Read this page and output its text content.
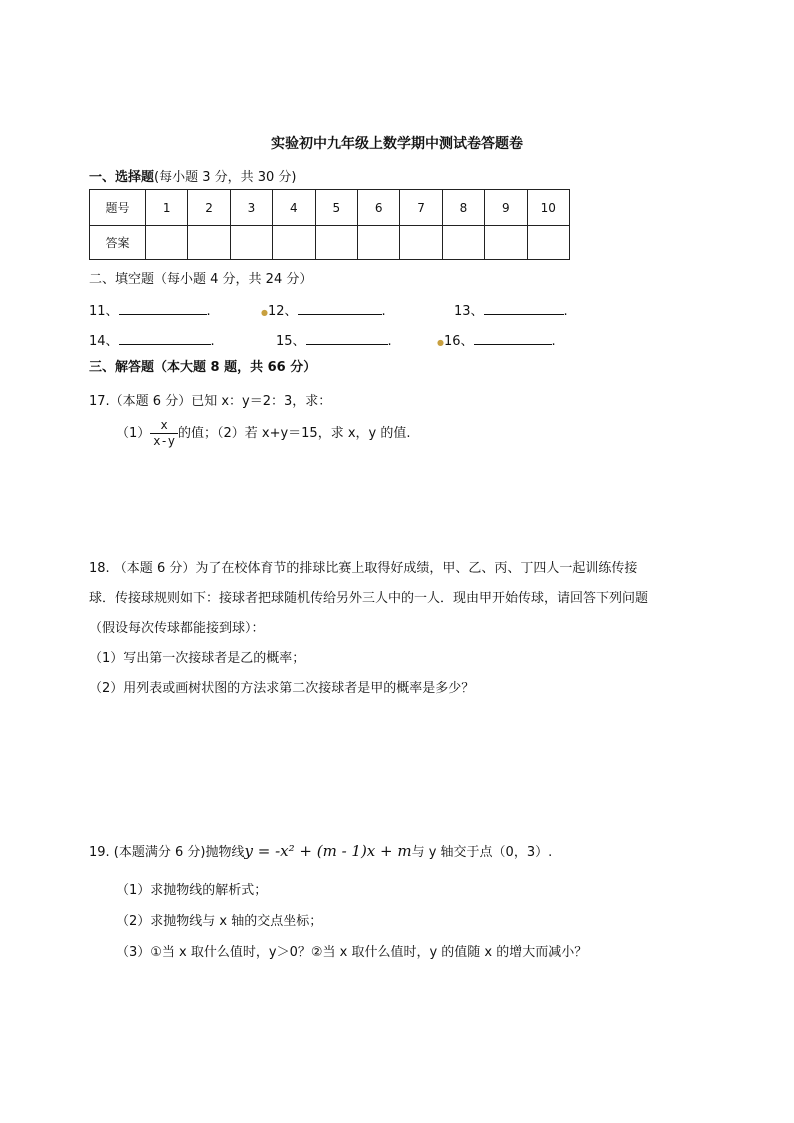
实验初中九年级上数学期中测试卷答题卷
一、选择题(每小题 3 分，共 30 分)
题号	1	2	3	4	5	6	7	8	9	10
答案										
二、填空题（每小题 4 分，共 24 分）
11、	.	●12、	.	13、	.
14、	.	15、	.	●16、	.
三、解答题（本大题 8 题，共 66 分）
17.（本题 6 分）已知 x：y＝2：3，求：
$(1) \frac{x}{x-y}$ 的值；（2）若 x+y＝15，求 x，y 的值.
18. （本题 6 分）为了在校体育节的排球比赛上取得好成绩，甲、乙、丙、丁四人一起训练传接
球．传接球规则如下：接球者把球随机传给另外三人中的一人．现由甲开始传球，请回答下列问题
（假设每次传球都能接到球）：
（1）写出第一次接球者是乙的概率；
（2）用列表或画树状图的方法求第二次接球者是甲的概率是多少？
19. (本题满分 6 分)抛物线y = -x² + (m - 1)x + m与 y 轴交于点（0，3）.
（1）求抛物线的解析式；
（2）求抛物线与 x 轴的交点坐标；
（3）①当 x 取什么值时，y＞0？②当 x 取什么值时，y 的值随 x 的增大而减小？
